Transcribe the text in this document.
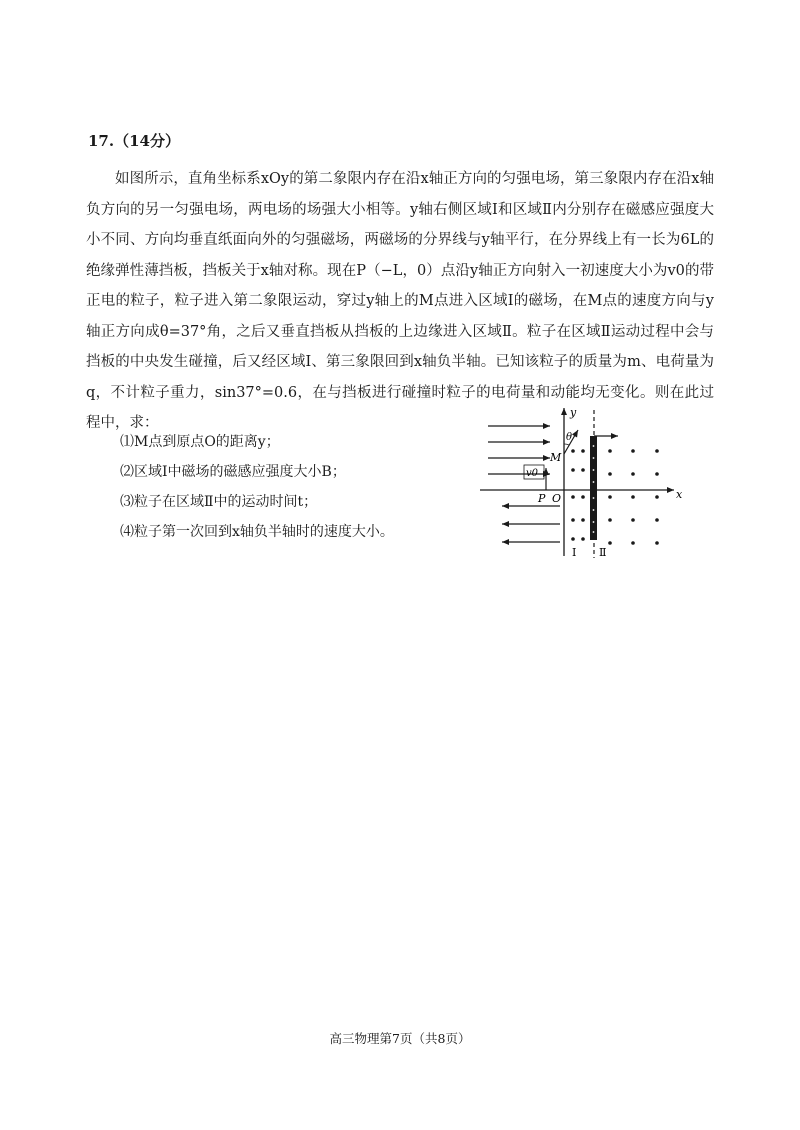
17.（14分）
如图所示，直角坐标系xOy的第二象限内存在沿x轴正方向的匀强电场，第三象限内存在沿x轴负方向的另一匀强电场，两电场的场强大小相等。y轴右侧区域Ⅰ和区域Ⅱ内分别存在磁感应强度大小不同、方向均垂直纸面向外的匀强磁场，两磁场的分界线与y轴平行，在分界线上有一长为6L的绝缘弹性薄挡板，挡板关于x轴对称。现在P（−L，0）点沿y轴正方向射入一初速度大小为v0的带正电的粒子，粒子进入第二象限运动，穿过y轴上的M点进入区域Ⅰ的磁场，在M点的速度方向与y轴正方向成θ=37°角，之后又垂直挡板从挡板的上边缘进入区域Ⅱ。粒子在区域Ⅱ运动过程中会与挡板的中央发生碰撞，后又经区域Ⅰ、第三象限回到x轴负半轴。已知该粒子的质量为m、电荷量为q，不计粒子重力，sin37°=0.6，在与挡板进行碰撞时粒子的电荷量和动能均无变化。则在此过程中，求：
⑴M点到原点O的距离y；
⑵区域Ⅰ中磁场的磁感应强度大小B；
⑶粒子在区域Ⅱ中的运动时间t；
⑷粒子第一次回到x轴负半轴时的速度大小。
y
x
O
P
M
v0
θ
Ⅰ Ⅱ
高三物理第7页（共8页）
